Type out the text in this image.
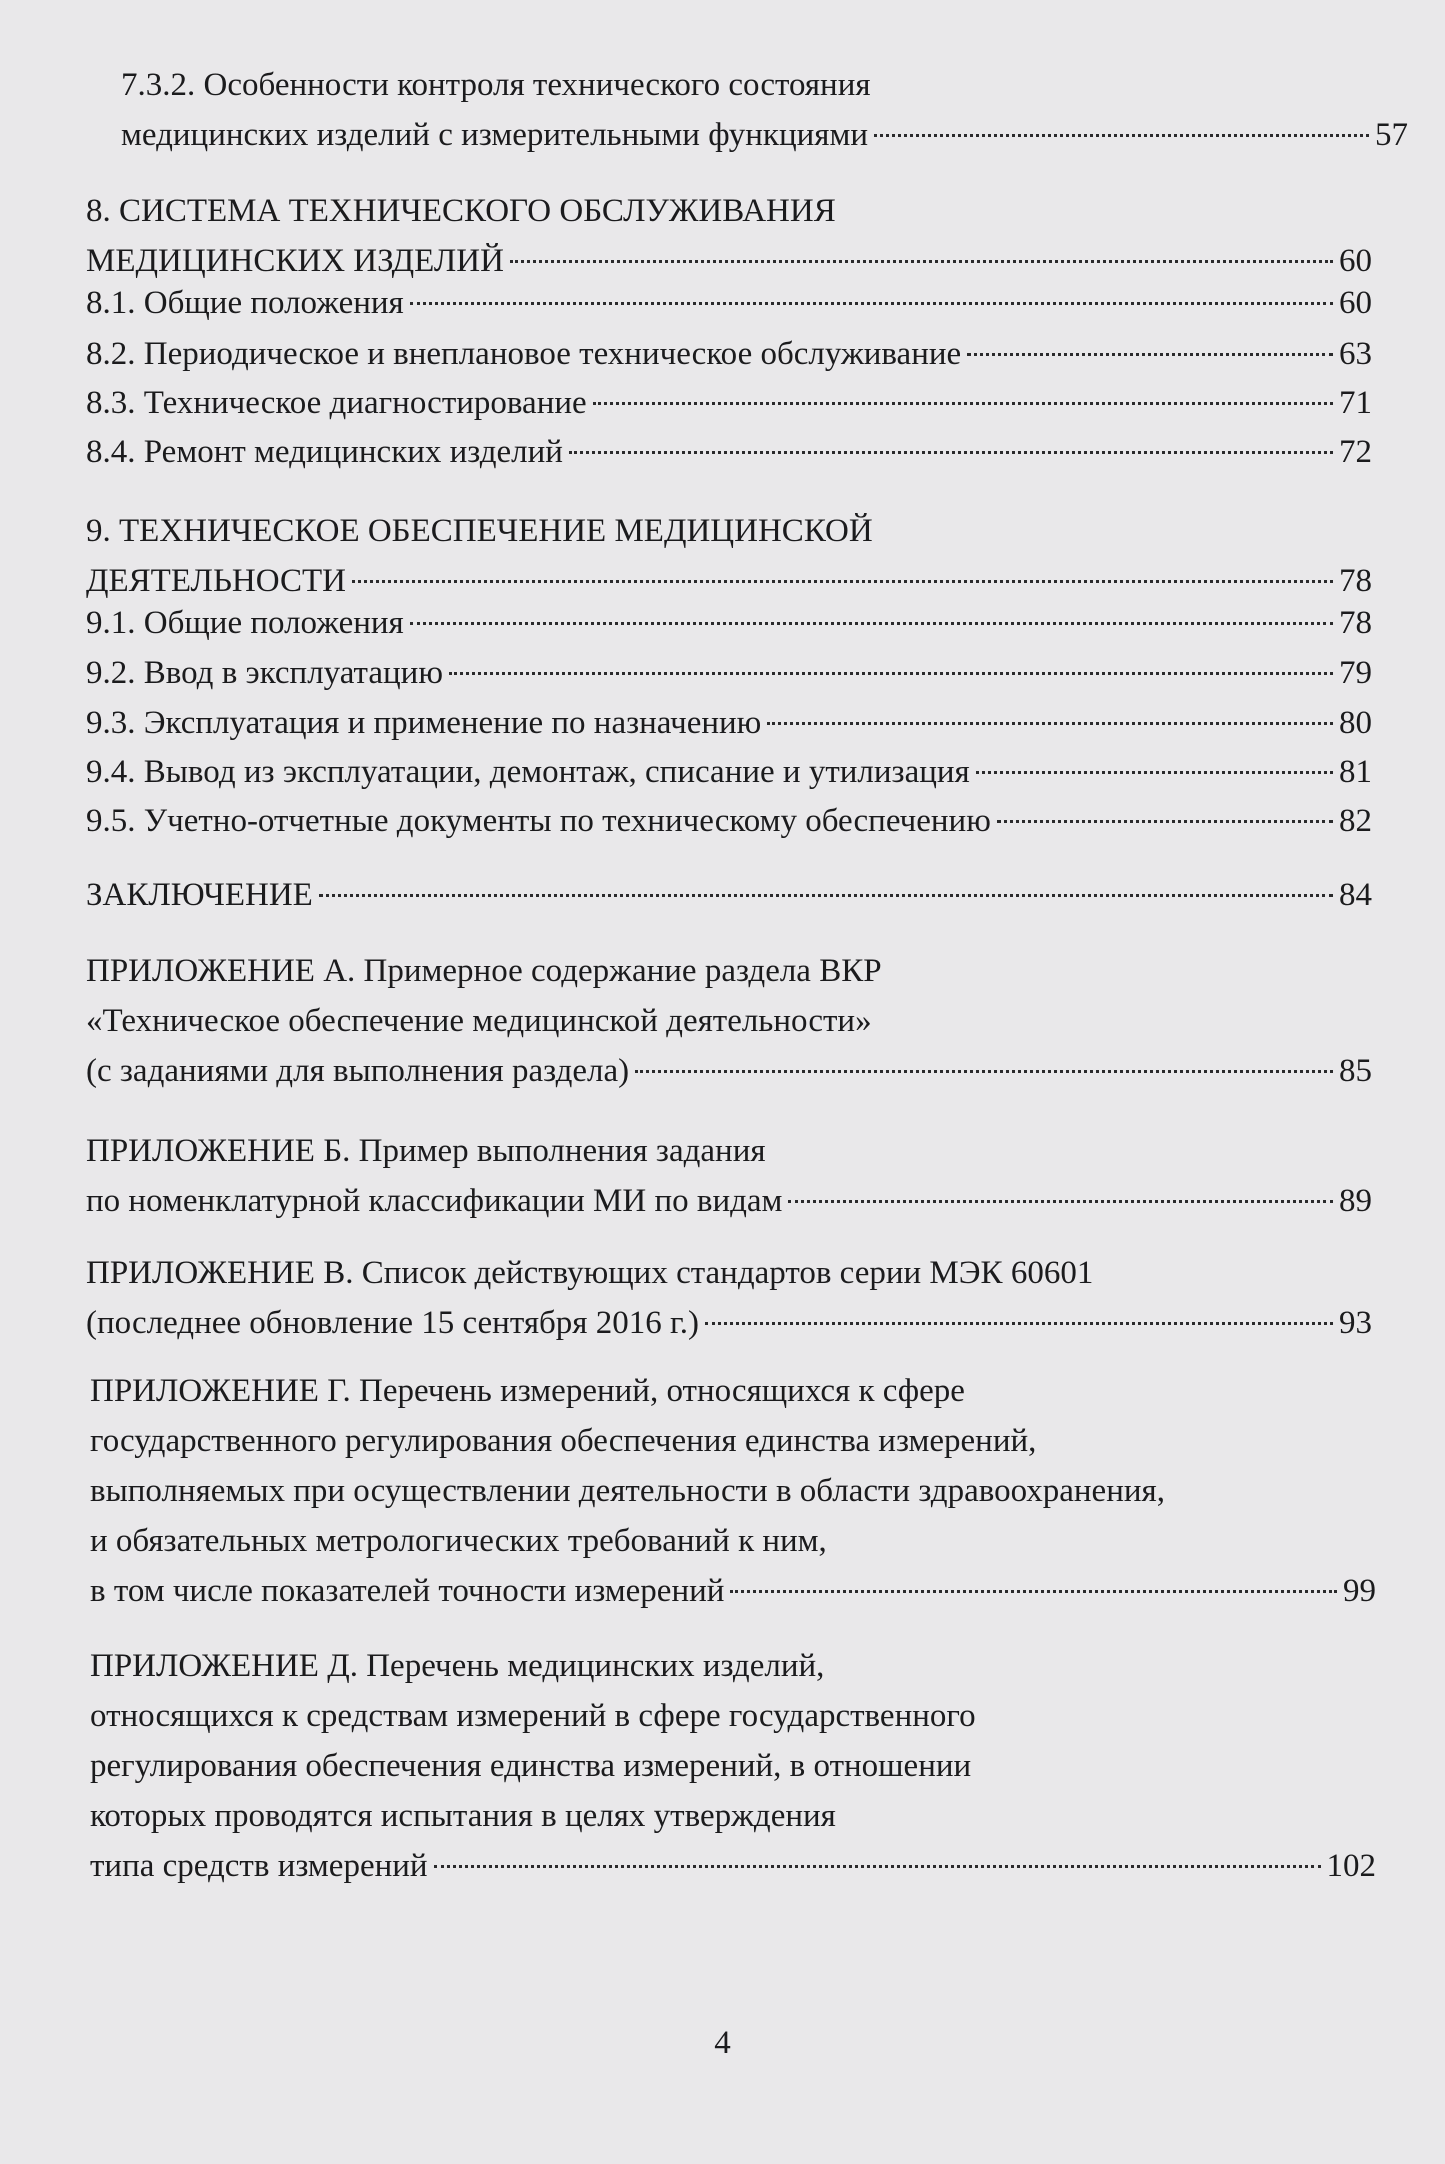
7.3.2. Особенности контроля технического состояния
медицинских изделий с измерительными функциями	57
8. СИСТЕМА ТЕХНИЧЕСКОГО ОБСЛУЖИВАНИЯ
МЕДИЦИНСКИХ ИЗДЕЛИЙ	60
8.1. Общие положения	60
8.2. Периодическое и внеплановое техническое обслуживание	63
8.3. Техническое диагностирование	71
8.4. Ремонт медицинских изделий	72
9. ТЕХНИЧЕСКОЕ ОБЕСПЕЧЕНИЕ МЕДИЦИНСКОЙ
ДЕЯТЕЛЬНОСТИ	78
9.1. Общие положения	78
9.2. Ввод в эксплуатацию	79
9.3. Эксплуатация и применение по назначению	80
9.4. Вывод из эксплуатации, демонтаж, списание и утилизация	81
9.5. Учетно-отчетные документы по техническому обеспечению	82
ЗАКЛЮЧЕНИЕ	84
ПРИЛОЖЕНИЕ А. Примерное содержание раздела ВКР
«Техническое обеспечение медицинской деятельности»
(с заданиями для выполнения раздела)	85
ПРИЛОЖЕНИЕ Б. Пример выполнения задания
по номенклатурной классификации МИ по видам	89
ПРИЛОЖЕНИЕ В. Список действующих стандартов серии МЭК 60601
(последнее обновление 15 сентября 2016 г.)	93
ПРИЛОЖЕНИЕ Г. Перечень измерений, относящихся к сфере
государственного регулирования обеспечения единства измерений,
выполняемых при осуществлении деятельности в области здравоохранения,
и обязательных метрологических требований к ним,
в том числе показателей точности измерений	99
ПРИЛОЖЕНИЕ Д. Перечень медицинских изделий,
относящихся к средствам измерений в сфере государственного
регулирования обеспечения единства измерений, в отношении
которых проводятся испытания в целях утверждения
типа средств измерений	102
4
